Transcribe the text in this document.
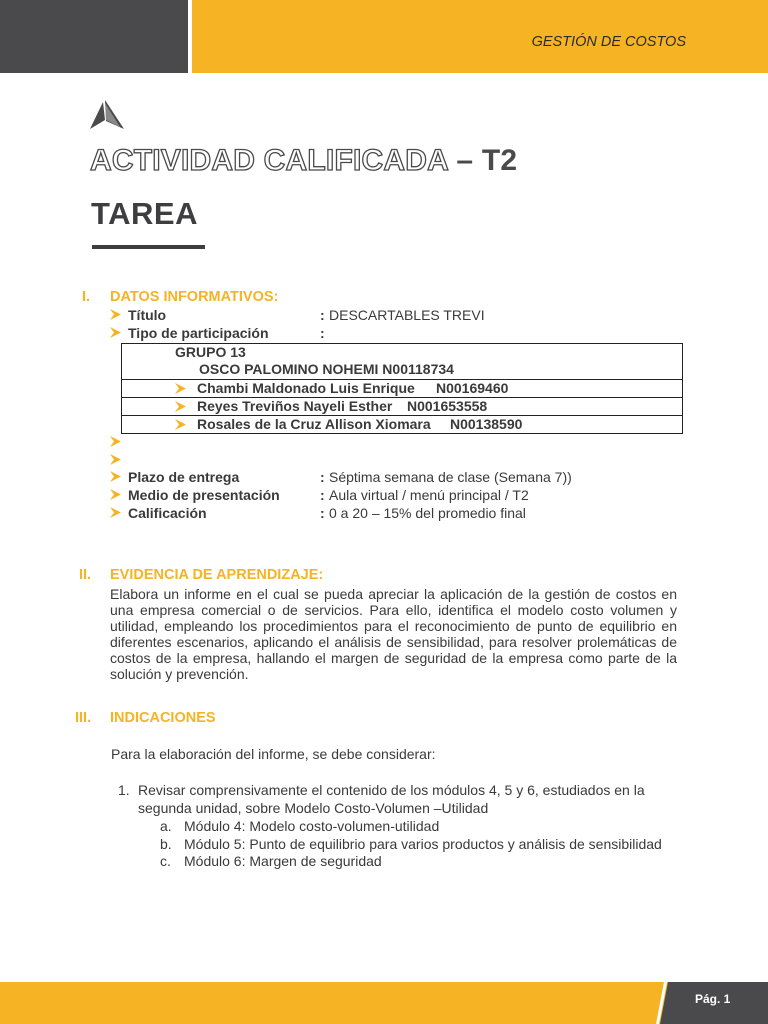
GESTIÓN DE COSTOS
ACTIVIDAD CALIFICADA – T2
TAREA
I. DATOS INFORMATIVOS:
Título	: DESCARTABLES TREVI
Tipo de participación	:
GRUPO 13
OSCO PALOMINO NOHEMI N00118734
Chambi Maldonado Luis Enrique N00169460
Reyes Treviños Nayeli Esther N001653558
Rosales de la Cruz Allison Xiomara N00138590
Plazo de entrega	: Séptima semana de clase (Semana 7))
Medio de presentación	: Aula virtual / menú principal / T2
Calificación	: 0 a 20 – 15% del promedio final
II. EVIDENCIA DE APRENDIZAJE:
Elabora un informe en el cual se pueda apreciar la aplicación de la gestión de costos en una empresa comercial o de servicios. Para ello, identifica el modelo costo volumen y utilidad, empleando los procedimientos para el reconocimiento de punto de equilibrio en diferentes escenarios, aplicando el análisis de sensibilidad, para resolver prolemáticas de costos de la empresa, hallando el margen de seguridad de la empresa como parte de la solución y prevención.
III. INDICACIONES
Para la elaboración del informe, se debe considerar:
1. Revisar comprensivamente el contenido de los módulos 4, 5 y 6, estudiados en la
segunda unidad, sobre Modelo Costo-Volumen –Utilidad
a. Módulo 4: Modelo costo-volumen-utilidad
b. Módulo 5: Punto de equilibrio para varios productos y análisis de sensibilidad
c. Módulo 6: Margen de seguridad
Pág. 1
